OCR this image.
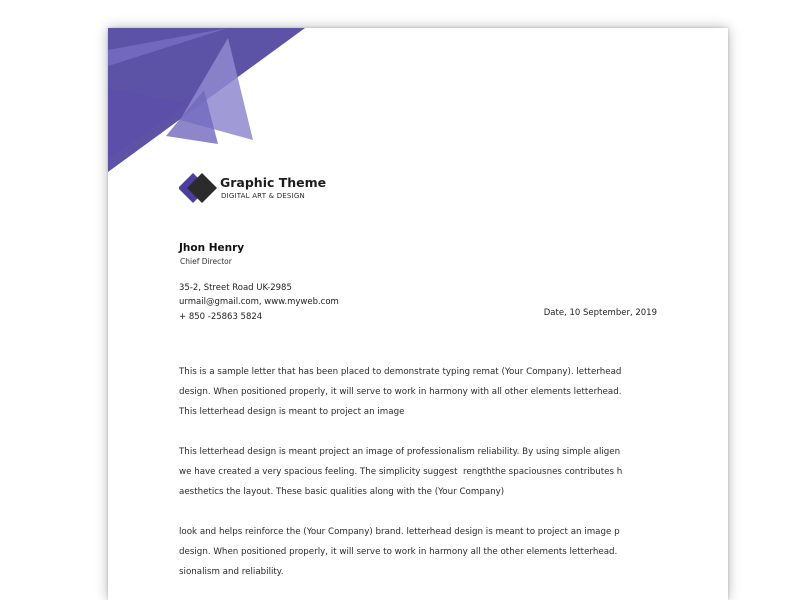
Graphic Theme
DIGITAL ART & DESIGN
Jhon Henry
Chief Director
35-2, Street Road UK-2985
urmail@gmail.com, www.myweb.com
+ 850 -25863 5824	Date, 10 September, 2019
This is a sample letter that has been placed to demonstrate typing remat (Your Company). letterhead
design. When positioned properly, it will serve to work in harmony with all other elements letterhead.
This letterhead design is meant to project an image
This letterhead design is meant project an image of professionalism reliability. By using simple aligen
we have created a very spacious feeling. The simplicity suggest  rengththe spaciousnes contributes h
aesthetics the layout. These basic qualities along with the (Your Company)
look and helps reinforce the (Your Company) brand. letterhead design is meant to project an image p
design. When positioned properly, it will serve to work in harmony all the other elements letterhead.
sionalism and reliability.
